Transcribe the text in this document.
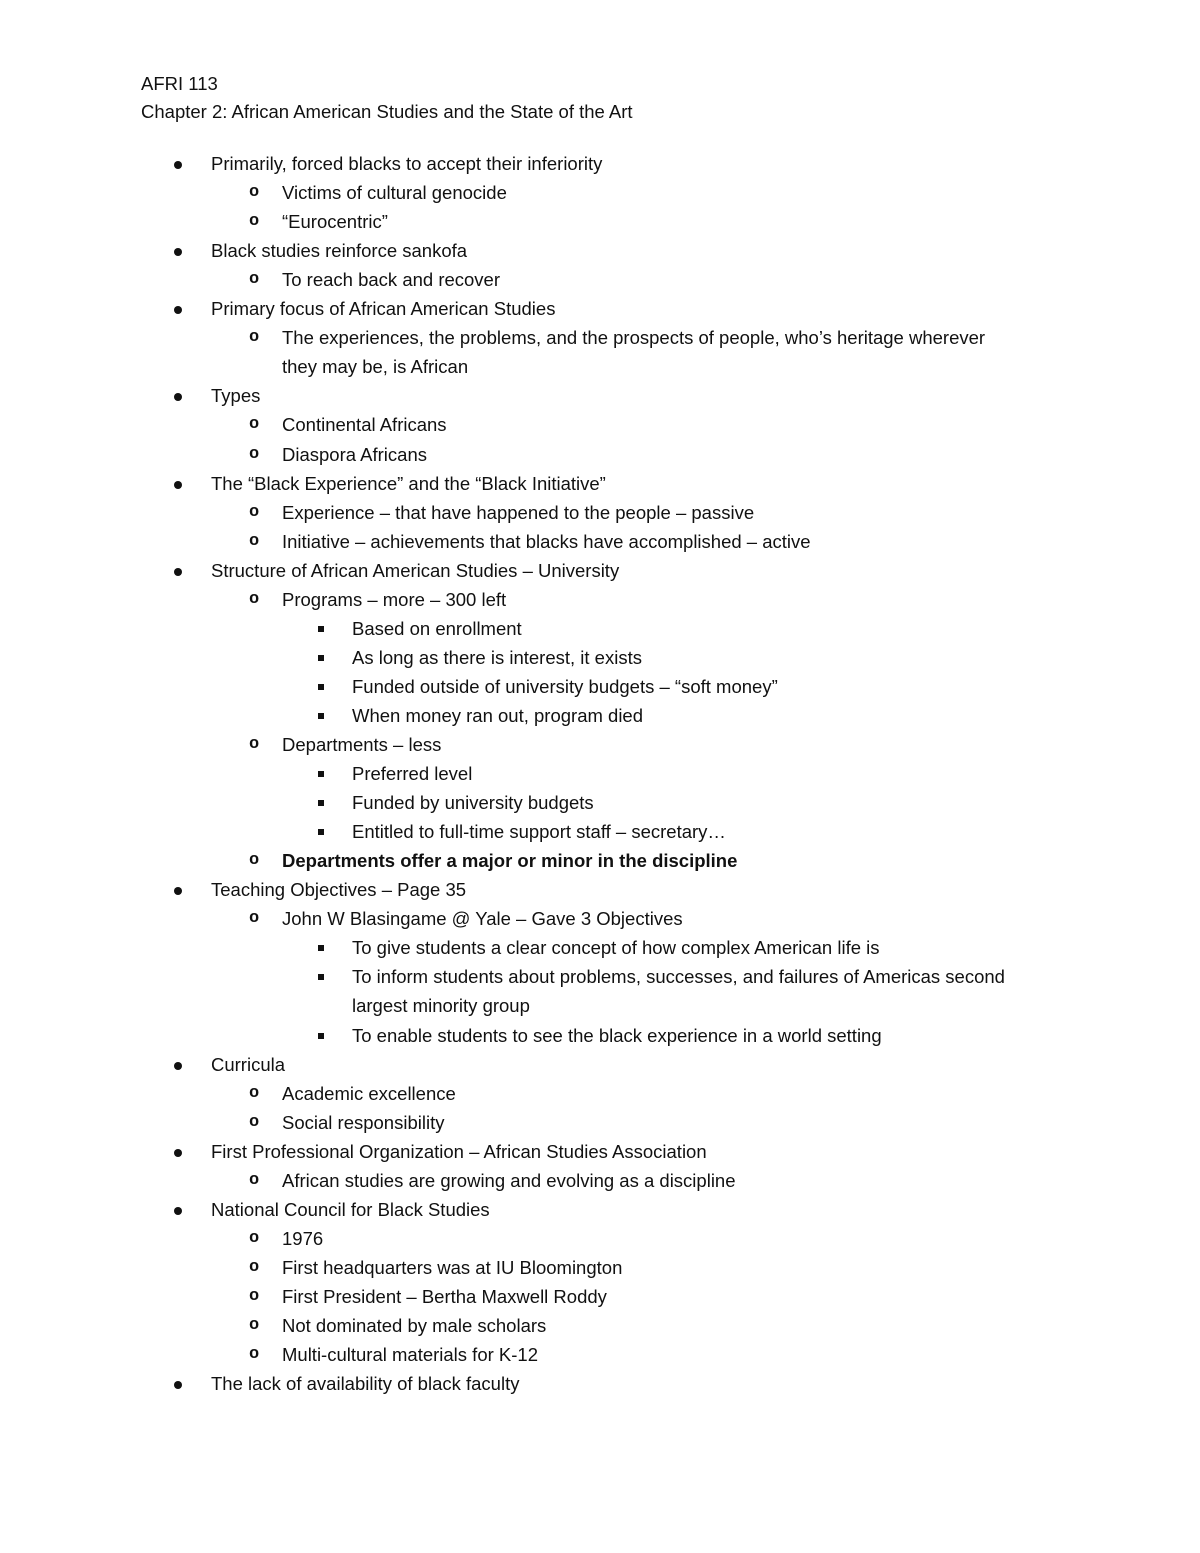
AFRI 113
Chapter 2: African American Studies and the State of the Art
Primarily, forced blacks to accept their inferiority
o Victims of cultural genocide
o “Eurocentric”
Black studies reinforce sankofa
o To reach back and recover
Primary focus of African American Studies
o The experiences, the problems, and the prospects of people, who’s heritage wherever
they may be, is African
Types
o Continental Africans
o Diaspora Africans
The “Black Experience” and the “Black Initiative”
o Experience – that have happened to the people – passive
o Initiative – achievements that blacks have accomplished – active
Structure of African American Studies – University
o Programs – more – 300 left
Based on enrollment
As long as there is interest, it exists
Funded outside of university budgets – “soft money”
When money ran out, program died
o Departments – less
Preferred level
Funded by university budgets
Entitled to full-time support staff – secretary…
o Departments offer a major or minor in the discipline
Teaching Objectives – Page 35
o John W Blasingame @ Yale – Gave 3 Objectives
To give students a clear concept of how complex American life is
To inform students about problems, successes, and failures of Americas second
largest minority group
To enable students to see the black experience in a world setting
Curricula
o Academic excellence
o Social responsibility
First Professional Organization – African Studies Association
o African studies are growing and evolving as a discipline
National Council for Black Studies
o 1976
o First headquarters was at IU Bloomington
o First President – Bertha Maxwell Roddy
o Not dominated by male scholars
o Multi-cultural materials for K-12
The lack of availability of black faculty
